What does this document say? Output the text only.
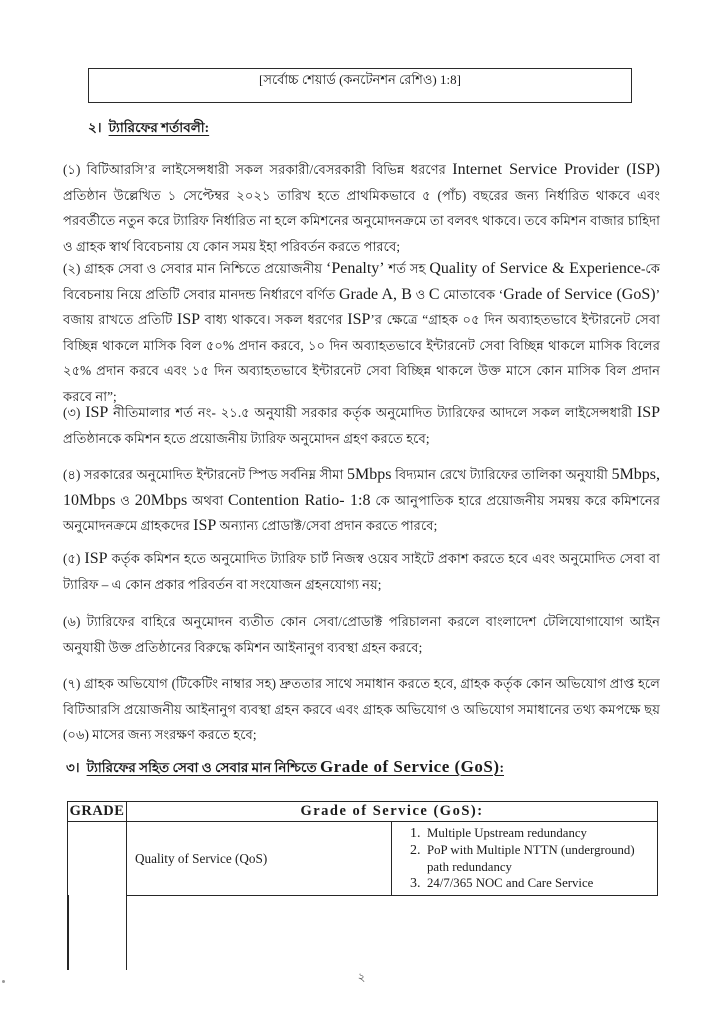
[সর্বোচ্চ শেয়ার্ড (কনটেনশন রেশিও) 1:8]
২। ট্যারিফের শর্তাবলী:

(১) বিটিআরসি’র লাইসেন্সধারী সকল সরকারী/বেসরকারী বিভিন্ন ধরণের Internet Service Provider (ISP) প্রতিষ্ঠান উল্লেখিত ১ সেপ্টেম্বর ২০২১ তারিখ হতে প্রাথমিকভাবে ৫ (পাঁচ) বছরের জন্য নির্ধারিত থাকবে এবং পরবর্তীতে নতুন করে ট্যারিফ নির্ধারিত না হলে কমিশনের অনুমোদনক্রমে তা বলবৎ থাকবে। তবে কমিশন বাজার চাহিদা ও গ্রাহক স্বার্থ বিবেচনায় যে কোন সময় ইহা পরিবর্তন করতে পারবে;

(২) গ্রাহক সেবা ও সেবার মান নিশ্চিতে প্রয়োজনীয় ‘Penalty’ শর্ত সহ Quality of Service & Experience-কে বিবেচনায় নিয়ে প্রতিটি সেবার মানদন্ড নির্ধারণে বর্ণিত Grade A, B ও C মোতাবেক ‘Grade of Service (GoS)’ বজায় রাখতে প্রতিটি ISP বাধ্য থাকবে। সকল ধরণের ISP’র ক্ষেত্রে “গ্রাহক ০৫ দিন অব্যাহতভাবে ইন্টারনেট সেবা বিচ্ছিন্ন থাকলে মাসিক বিল ৫০% প্রদান করবে, ১০ দিন অব্যাহতভাবে ইন্টারনেট সেবা বিচ্ছিন্ন থাকলে মাসিক বিলের ২৫% প্রদান করবে এবং ১৫ দিন অব্যাহতভাবে ইন্টারনেট সেবা বিচ্ছিন্ন থাকলে উক্ত মাসে কোন মাসিক বিল প্রদান করবে না”;

(৩) ISP নীতিমালার শর্ত নং- ২১.৫ অনুযায়ী সরকার কর্তৃক অনুমোদিত ট্যারিফের আদলে সকল লাইসেন্সধারী ISP প্রতিষ্ঠানকে কমিশন হতে প্রয়োজনীয় ট্যারিফ অনুমোদন গ্রহণ করতে হবে;

(৪) সরকারের অনুমোদিত ইন্টারনেট স্পিড সর্বনিম্ন সীমা 5Mbps বিদ্যমান রেখে ট্যারিফের তালিকা অনুযায়ী 5Mbps, 10Mbps ও 20Mbps অথবা Contention Ratio- 1:8 কে আনুপাতিক হারে প্রয়োজনীয় সমন্বয় করে কমিশনের অনুমোদনক্রমে গ্রাহকদের ISP অন্যান্য প্রোডাক্ট/সেবা প্রদান করতে পারবে;

(৫) ISP কর্তৃক কমিশন হতে অনুমোদিত ট্যারিফ চার্ট নিজস্ব ওয়েব সাইটে প্রকাশ করতে হবে এবং অনুমোদিত সেবা বা ট্যারিফ – এ কোন প্রকার পরিবর্তন বা সংযোজন গ্রহনযোগ্য নয়;

(৬) ট্যারিফের বাহিরে অনুমোদন ব্যতীত কোন সেবা/প্রোডাক্ট পরিচালনা করলে বাংলাদেশ টেলিযোগাযোগ আইন অনুযায়ী উক্ত প্রতিষ্ঠানের বিরুদ্ধে কমিশন আইনানুগ ব্যবস্থা গ্রহন করবে;

(৭) গ্রাহক অভিযোগ (টিকেটিং নাম্বার সহ) দ্রুততার সাথে সমাধান করতে হবে, গ্রাহক কর্তৃক কোন অভিযোগ প্রাপ্ত হলে বিটিআরসি প্রয়োজনীয় আইনানুগ ব্যবস্থা গ্রহন করবে এবং গ্রাহক অভিযোগ ও অভিযোগ সমাধানের তথ্য কমপক্ষে ছয় (০৬) মাসের জন্য সংরক্ষণ করতে হবে;

৩। ট্যারিফের সহিত সেবা ও সেবার মান নিশ্চিতে Grade of Service (GoS):
GRADE	Grade of Service (GoS):
Quality of Service (QoS)
1. Multiple Upstream redundancy
2. PoP with Multiple NTTN (underground) path redundancy
3. 24/7/365 NOC and Care Service
২
